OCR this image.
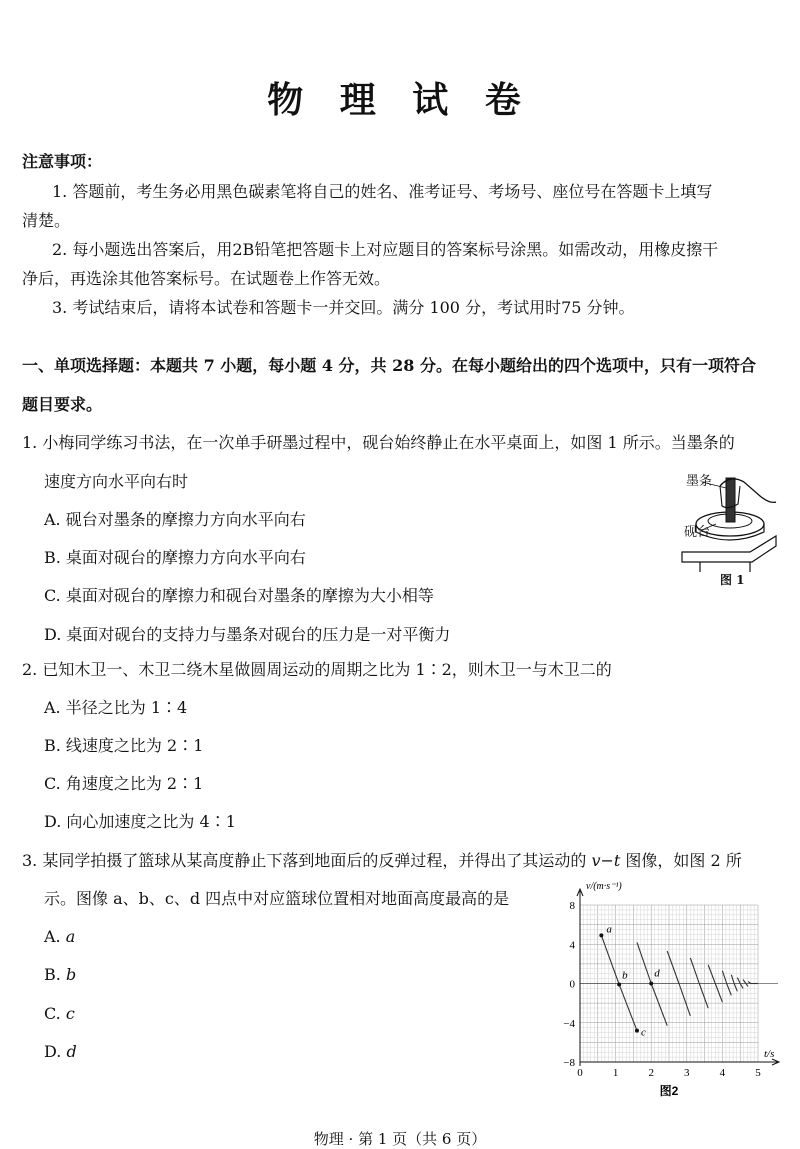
物 理 试 卷
注意事项：
1. 答题前，考生务必用黑色碳素笔将自己的姓名、准考证号、考场号、座位号在答题卡上填写
清楚。
2. 每小题选出答案后，用2B铅笔把答题卡上对应题目的答案标号涂黑。如需改动，用橡皮擦干
净后，再选涂其他答案标号。在试题卷上作答无效。
3. 考试结束后，请将本试卷和答题卡一并交回。满分 100 分，考试用时75 分钟。
一、单项选择题：本题共 7 小题，每小题 4 分，共 28 分。在每小题给出的四个选项中，只有一项符合
题目要求。
1. 小梅同学练习书法，在一次单手研墨过程中，砚台始终静止在水平桌面上，如图 1 所示。当墨条的
速度方向水平向右时
A. 砚台对墨条的摩擦力方向水平向右
B. 桌面对砚台的摩擦力方向水平向右
C. 桌面对砚台的摩擦力和砚台对墨条的摩擦为大小相等
D. 桌面对砚台的支持力与墨条对砚台的压力是一对平衡力
墨条
砚台
图 1
2. 已知木卫一、木卫二绕木星做圆周运动的周期之比为 1∶2，则木卫一与木卫二的
A. 半径之比为 1∶4
B. 线速度之比为 2∶1
C. 角速度之比为 2∶1
D. 向心加速度之比为 4∶1
3. 某同学拍摄了篮球从某高度静止下落到地面后的反弹过程，并得出了其运动的 v−t 图像，如图 2 所
示。图像 a、b、c、d 四点中对应篮球位置相对地面高度最高的是
A. a
B. b
C. c
D. d
8
4
0
−4
−8
0	1	2	3	4	5
v/(m·s⁻¹)
t/s
a
b
c
d
图2
物理 · 第 1 页（共 6 页）
